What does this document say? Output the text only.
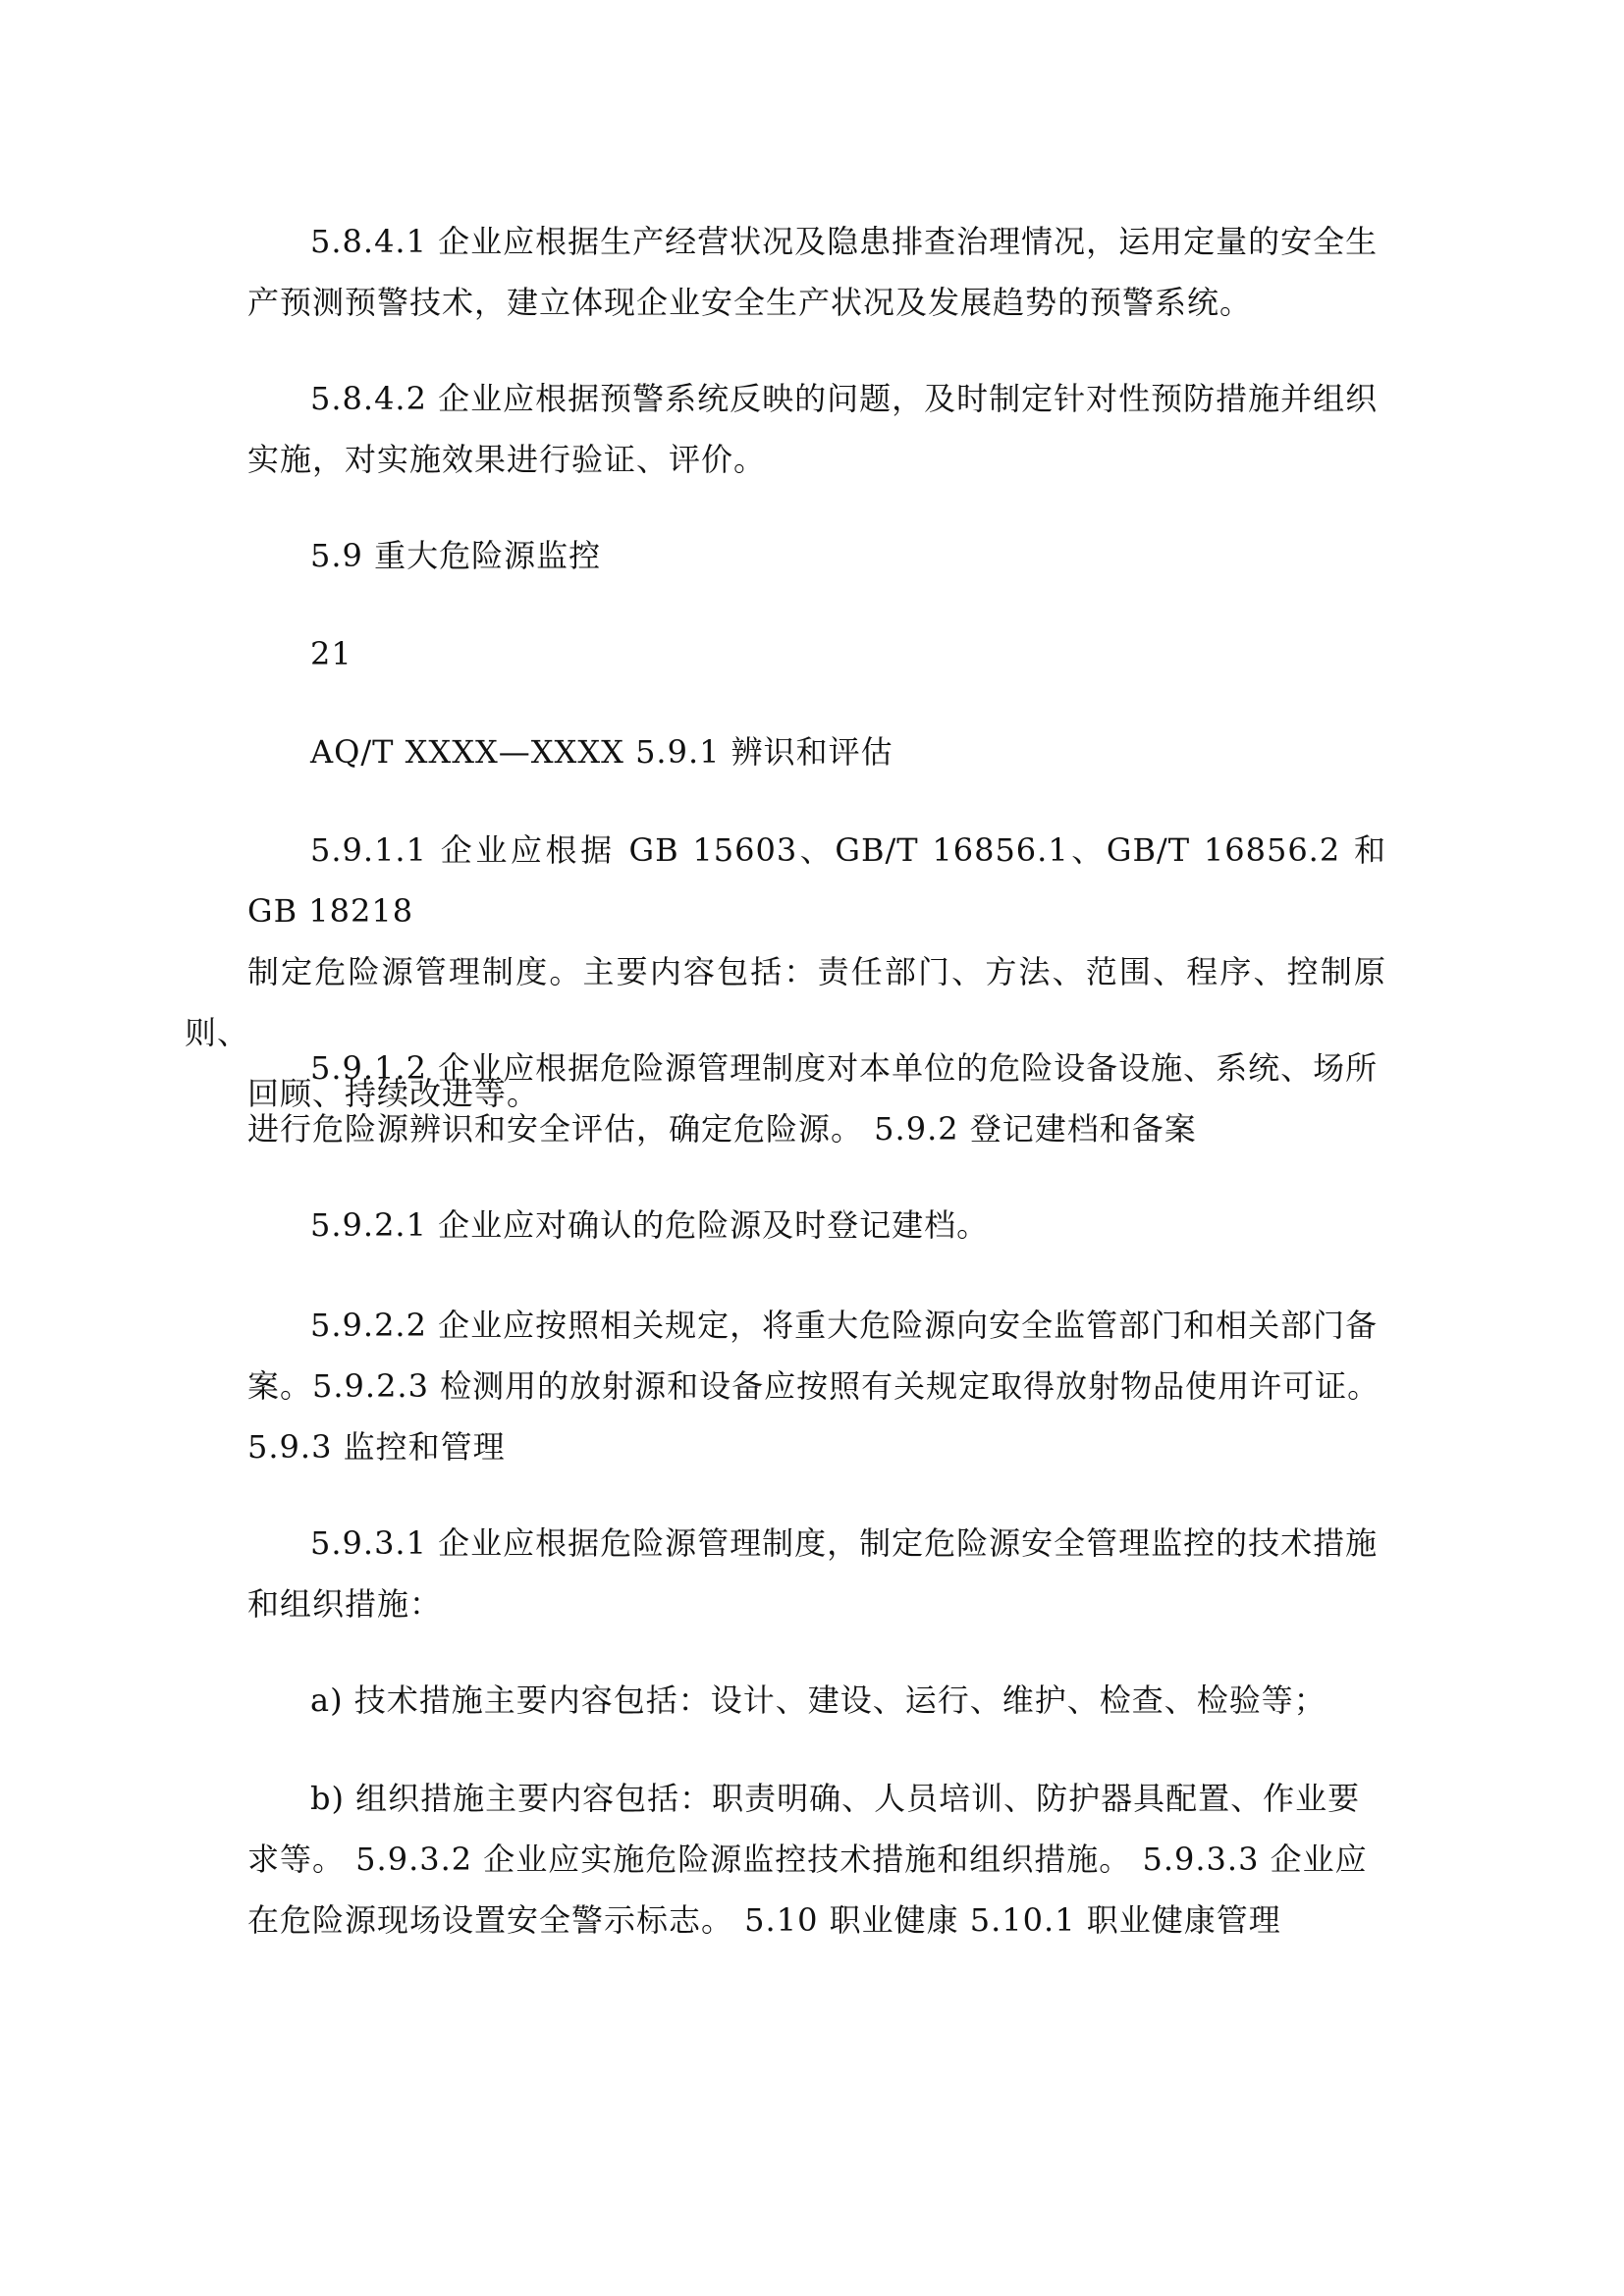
5.8.4.1 企业应根据生产经营状况及隐患排查治理情况，运用定量的安全生
产预测预警技术，建立体现企业安全生产状况及发展趋势的预警系统。
5.8.4.2 企业应根据预警系统反映的问题，及时制定针对性预防措施并组织
实施，对实施效果进行验证、评价。
5.9 重大危险源监控
21
AQ/T XXXX—XXXX 5.9.1 辨识和评估
5.9.1.1 企业应根据 GB 15603、GB/T 16856.1、GB/T 16856.2 和 GB 18218
制定危险源管理制度。主要内容包括：责任部门、方法、范围、程序、控制原则、
回顾、持续改进等。
5.9.1.2 企业应根据危险源管理制度对本单位的危险设备设施、系统、场所
进行危险源辨识和安全评估，确定危险源。 5.9.2 登记建档和备案
5.9.2.1 企业应对确认的危险源及时登记建档。
5.9.2.2 企业应按照相关规定，将重大危险源向安全监管部门和相关部门备
案。5.9.2.3 检测用的放射源和设备应按照有关规定取得放射物品使用许可证。
5.9.3 监控和管理
5.9.3.1 企业应根据危险源管理制度，制定危险源安全管理监控的技术措施
和组织措施：
a) 技术措施主要内容包括：设计、建设、运行、维护、检查、检验等；
b) 组织措施主要内容包括：职责明确、人员培训、防护器具配置、作业要
求等。 5.9.3.2 企业应实施危险源监控技术措施和组织措施。 5.9.3.3 企业应
在危险源现场设置安全警示标志。 5.10 职业健康 5.10.1 职业健康管理
